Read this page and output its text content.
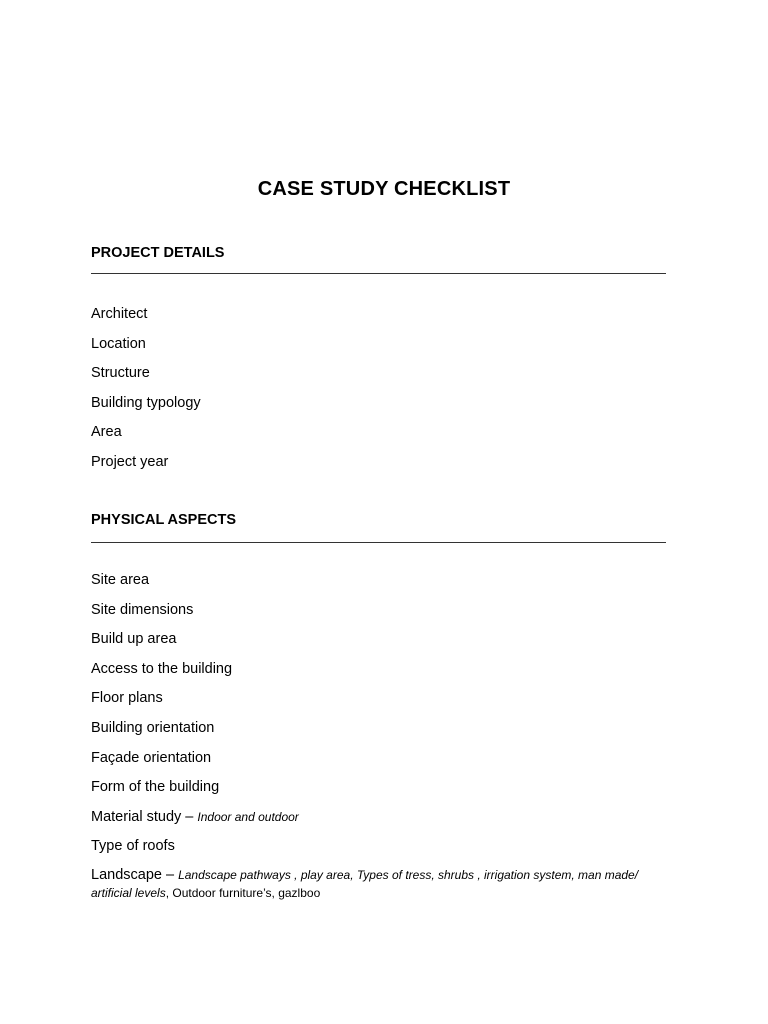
CASE STUDY CHECKLIST
PROJECT DETAILS
Architect
Location
Structure
Building typology
Area
Project year
PHYSICAL ASPECTS
Site area
Site dimensions
Build up area
Access to the building
Floor plans
Building orientation
Façade orientation
Form of the building
Material study – Indoor and outdoor
Type of roofs
Landscape – Landscape pathways , play area, Types of tress, shrubs , irrigation system, man made/ artificial levels, Outdoor furniture’s, gazlboo
